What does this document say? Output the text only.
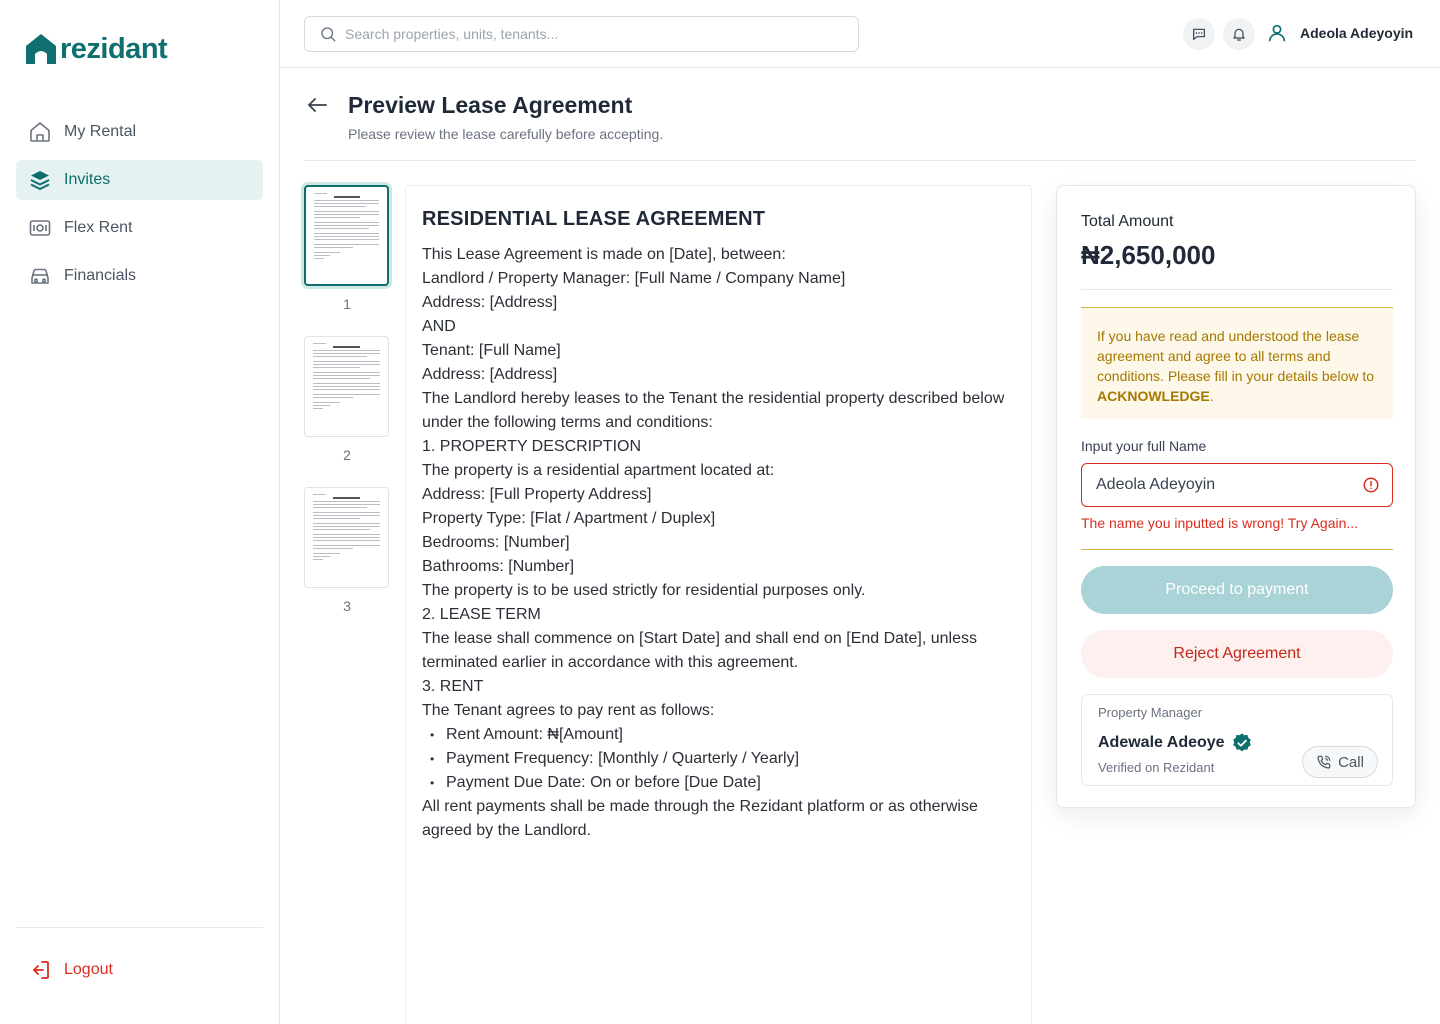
rezidant
My Rental
Invites
Flex Rent
Financials
Logout
Search properties, units, tenants...
Adeola Adeyoyin
Preview Lease Agreement

Please review the lease carefully before accepting.

1
2
3
RESIDENTIAL LEASE AGREEMENT

This Lease Agreement is made on [Date], between:

Landlord / Property Manager: [Full Name / Company Name]

Address: [Address]

AND

Tenant: [Full Name]

Address: [Address]

The Landlord hereby leases to the Tenant the residential property described below under the following terms and conditions:

1. PROPERTY DESCRIPTION

The property is a residential apartment located at:

Address: [Full Property Address]

Property Type: [Flat / Apartment / Duplex]

Bedrooms: [Number]

Bathrooms: [Number]

The property is to be used strictly for residential purposes only.

2. LEASE TERM

The lease shall commence on [Start Date] and shall end on [End Date], unless terminated earlier in accordance with this agreement.

3. RENT

The Tenant agrees to pay rent as follows:

• Rent Amount: ₦[Amount]
• Payment Frequency: [Monthly / Quarterly / Yearly]
• Payment Due Date: On or before [Due Date]

All rent payments shall be made through the Rezidant platform or as otherwise agreed by the Landlord.

Total Amount
₦2,650,000
If you have read and understood the lease agreement and agree to all terms and conditions. Please fill in your details below to ACKNOWLEDGE.
Input your full Name
Adeola Adeyoyin
The name you inputted is wrong! Try Again...
Proceed to payment
Reject Agreement
Property Manager
Adewale Adeoye
Verified on Rezidant	Call
